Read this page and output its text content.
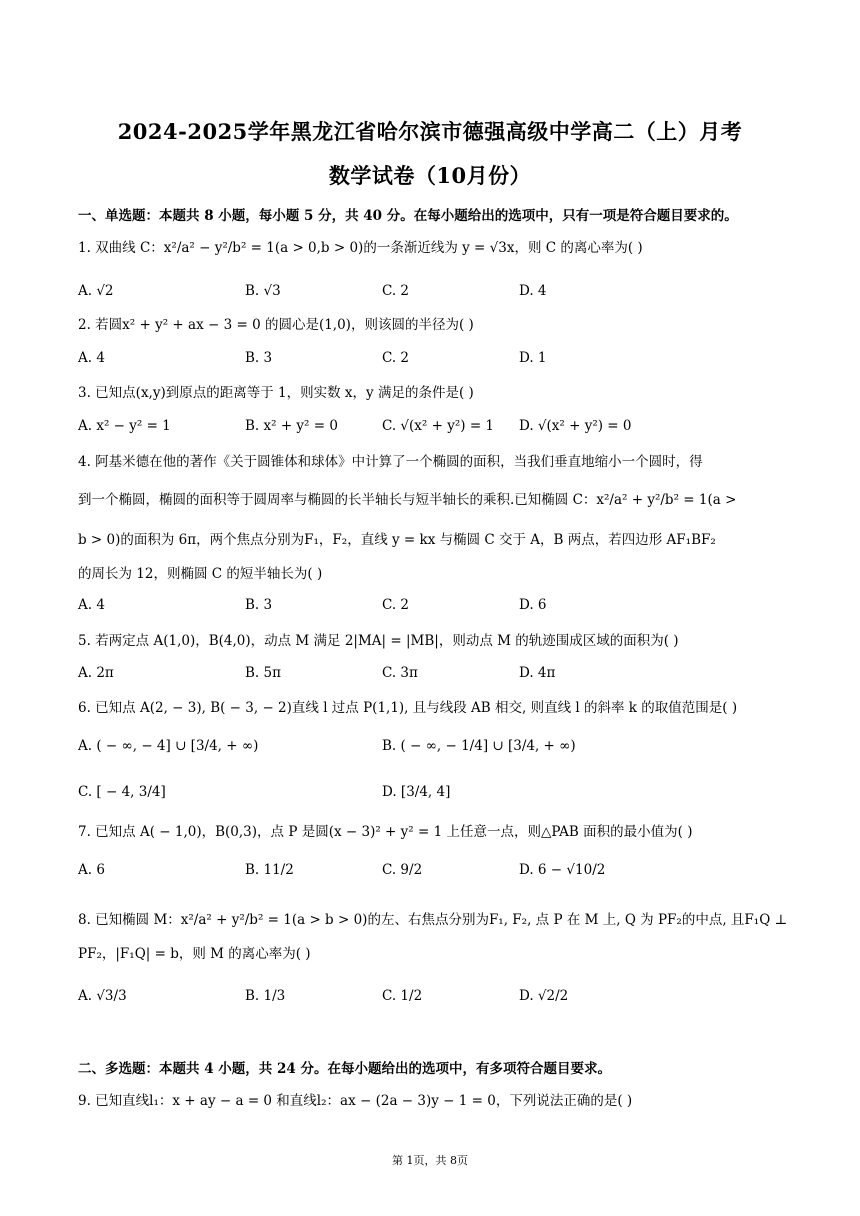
2024-2025学年黑龙江省哈尔滨市德强高级中学高二（上）月考
数学试卷（10月份）
一、单选题：本题共 8 小题，每小题 5 分，共 40 分。在每小题给出的选项中，只有一项是符合题目要求的。
1. 双曲线 C：x²/a² − y²/b² = 1(a > 0,b > 0)的一条渐近线为 y = √3x，则 C 的离心率为( )
A. √2	B. √3	C. 2	D. 4
2. 若圆x² + y² + ax − 3 = 0 的圆心是(1,0)，则该圆的半径为( )
A. 4	B. 3	C. 2	D. 1
3. 已知点(x,y)到原点的距离等于 1，则实数 x，y 满足的条件是( )
A. x² − y² = 1	B. x² + y² = 0	C. √(x² + y²) = 1 D. √(x² + y²) = 0
4. 阿基米德在他的著作《关于圆锥体和球体》中计算了一个椭圆的面积，当我们垂直地缩小一个圆时，得
到一个椭圆，椭圆的面积等于圆周率与椭圆的长半轴长与短半轴长的乘积.已知椭圆 C：x²/a² + y²/b² = 1(a >
b > 0)的面积为 6π，两个焦点分别为F₁，F₂，直线 y = kx 与椭圆 C 交于 A，B 两点，若四边形 AF₁BF₂
的周长为 12，则椭圆 C 的短半轴长为( )
A. 4	B. 3	C. 2	D. 6
5. 若两定点 A(1,0)，B(4,0)，动点 M 满足 2|MA| = |MB|，则动点 M 的轨迹围成区域的面积为( )
A. 2π	B. 5π	C. 3π	D. 4π
6. 已知点 A(2, − 3), B( − 3, − 2)直线 l 过点 P(1,1), 且与线段 AB 相交, 则直线 l 的斜率 k 的取值范围是( )
A. ( − ∞, − 4] ∪ [3/4, + ∞)	B. ( − ∞, − 1/4] ∪ [3/4, + ∞)
C. [ − 4, 3/4]	D. [3/4, 4]
7. 已知点 A( − 1,0)，B(0,3)，点 P 是圆(x − 3)² + y² = 1 上任意一点，则△PAB 面积的最小值为( )
A. 6	B. 11/2	C. 9/2	D. 6 − √10/2
8. 已知椭圆 M：x²/a² + y²/b² = 1(a > b > 0)的左、右焦点分别为F₁, F₂, 点 P 在 M 上, Q 为 PF₂的中点, 且F₁Q ⊥
PF₂，|F₁Q| = b，则 M 的离心率为( )
A. √3/3	B. 1/3	C. 1/2	D. √2/2
二、多选题：本题共 4 小题，共 24 分。在每小题给出的选项中，有多项符合题目要求。
9. 已知直线l₁：x + ay − a = 0 和直线l₂：ax − (2a − 3)y − 1 = 0，下列说法正确的是( )
第 1页，共 8页
